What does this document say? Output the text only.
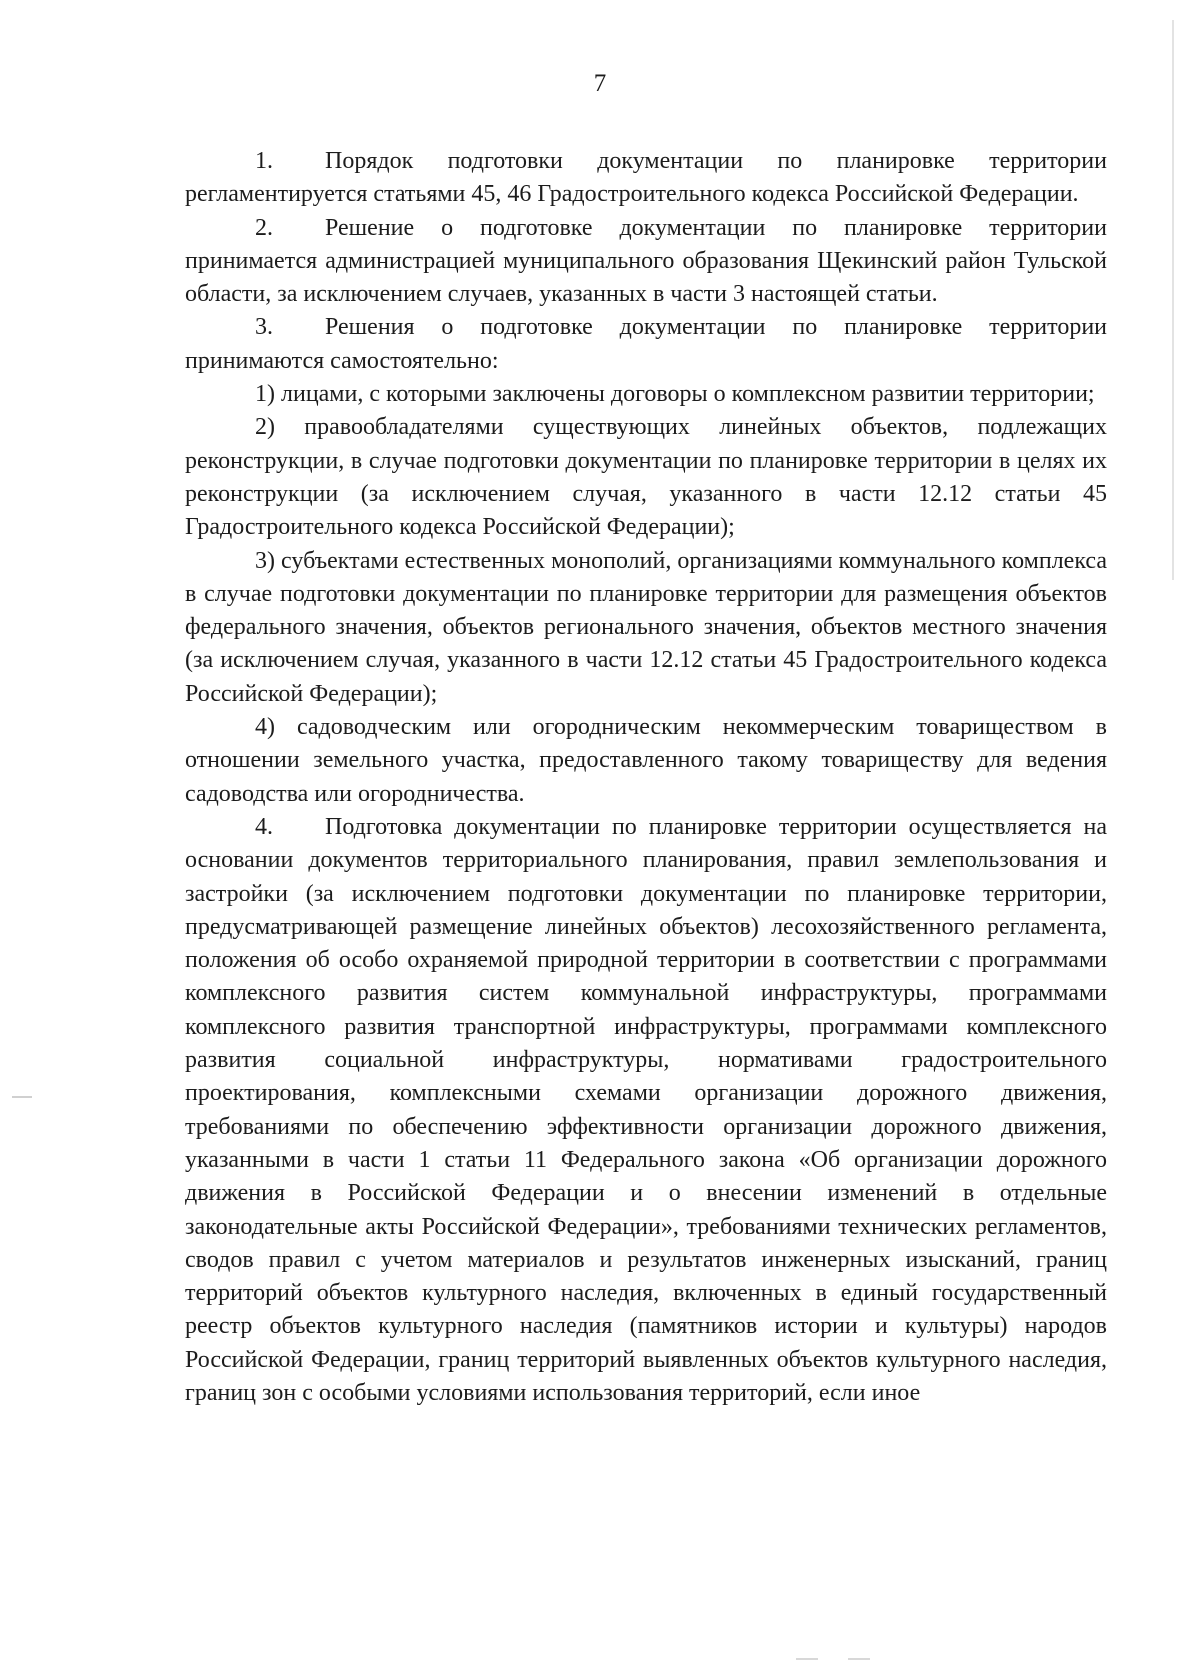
7

1. Порядок подготовки документации по планировке территории регламентируется статьями 45, 46 Градостроительного кодекса Российской Федерации.

2. Решение о подготовке документации по планировке территории принимается администрацией муниципального образования Щекинский район Тульской области, за исключением случаев, указанных в части 3 настоящей статьи.

3. Решения о подготовке документации по планировке территории принимаются самостоятельно:

1) лицами, с которыми заключены договоры о комплексном развитии территории;

2) правообладателями существующих линейных объектов, подлежащих реконструкции, в случае подготовки документации по планировке территории в целях их реконструкции (за исключением случая, указанного в части 12.12 статьи 45 Градостроительного кодекса Российской Федерации);

3) субъектами естественных монополий, организациями коммунального комплекса в случае подготовки документации по планировке территории для размещения объектов федерального значения, объектов регионального значения, объектов местного значения (за исключением случая, указанного в части 12.12 статьи 45 Градостроительного кодекса Российской Федерации);

4) садоводческим или огородническим некоммерческим товариществом в отношении земельного участка, предоставленного такому товариществу для ведения садоводства или огородничества.

4. Подготовка документации по планировке территории осуществляется на основании документов территориального планирования, правил землепользования и застройки (за исключением подготовки документации по планировке территории, предусматривающей размещение линейных объектов) лесохозяйственного регламента, положения об особо охраняемой природной территории в соответствии с программами комплексного развития систем коммунальной инфраструктуры, программами комплексного развития транспортной инфраструктуры, программами комплексного развития социальной инфраструктуры, нормативами градостроительного проектирования, комплексными схемами организации дорожного движения, требованиями по обеспечению эффективности организации дорожного движения, указанными в части 1 статьи 11 Федерального закона «Об организации дорожного движения в Российской Федерации и о внесении изменений в отдельные законодательные акты Российской Федерации», требованиями технических регламентов, сводов правил с учетом материалов и результатов инженерных изысканий, границ территорий объектов культурного наследия, включенных в единый государственный реестр объектов культурного наследия (памятников истории и культуры) народов Российской Федерации, границ территорий выявленных объектов культурного наследия, границ зон с особыми условиями использования территорий, если иное
